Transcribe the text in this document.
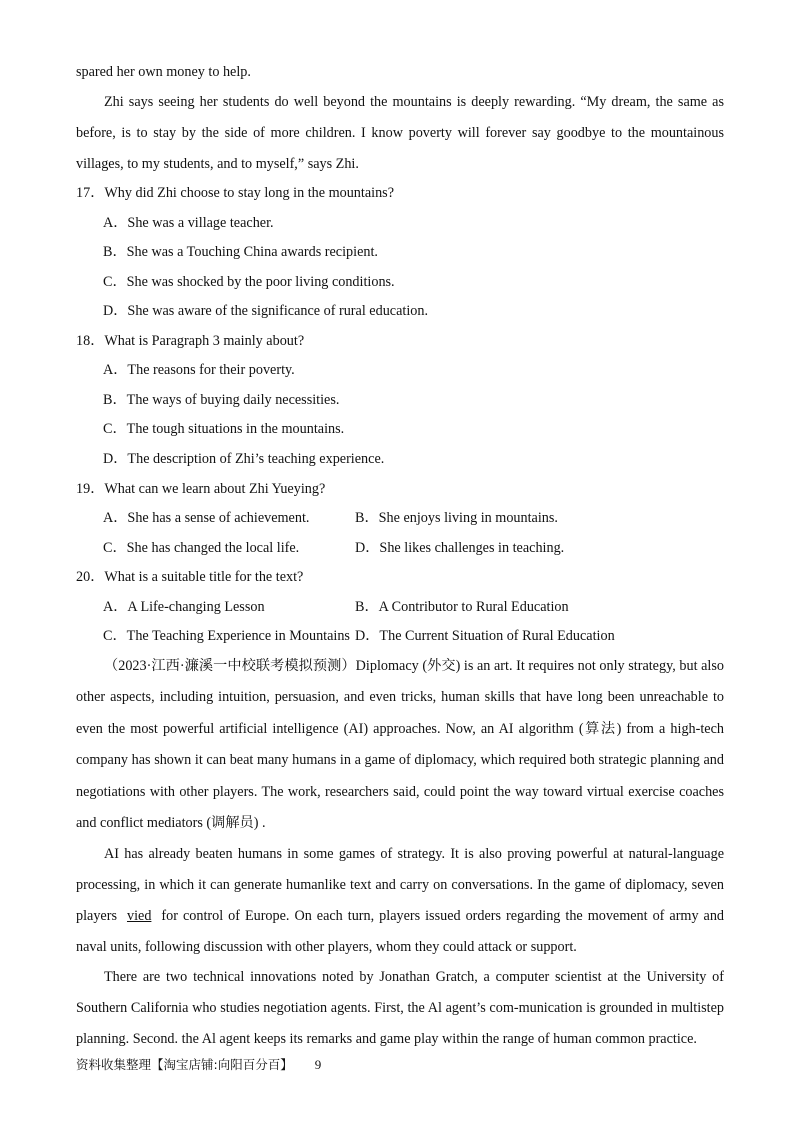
spared her own money to help.
Zhi says seeing her students do well beyond the mountains is deeply rewarding. “My dream, the same as
before, is to stay by the side of more children. I know poverty will forever say goodbye to the mountainous
villages, to my students, and to myself,” says Zhi.
17．Why did Zhi choose to stay long in the mountains?
A．She was a village teacher.
B．She was a Touching China awards recipient.
C．She was shocked by the poor living conditions.
D．She was aware of the significance of rural education.
18．What is Paragraph 3 mainly about?
A．The reasons for their poverty.
B．The ways of buying daily necessities.
C．The tough situations in the mountains.
D．The description of Zhi’s teaching experience.
19．What can we learn about Zhi Yueying?
A．She has a sense of achievement.	B．She enjoys living in mountains.
C．She has changed the local life.	D．She likes challenges in teaching.
20．What is a suitable title for the text?
A．A Life-changing Lesson	B．A Contributor to Rural Education
C．The Teaching Experience in Mountains D．The Current Situation of Rural Education
（2023·江西·濂溪一中校联考模拟预测）Diplomacy (外交) is an art. It requires not only strategy, but also
other aspects, including intuition, persuasion, and even tricks, human skills that have long been unreachable to
even the most powerful artificial intelligence (AI) approaches. Now, an AI algorithm (算法) from a high-tech
company has shown it can beat many humans in a game of diplomacy, which required both strategic planning and
negotiations with other players. The work, researchers said, could point the way toward virtual exercise coaches
and conflict mediators (调解员) .
AI has already beaten humans in some games of strategy. It is also proving powerful at natural-language
processing, in which it can generate humanlike text and carry on conversations. In the game of diplomacy, seven
players vied for control of Europe. On each turn, players issued orders regarding the movement of army and
naval units, following discussion with other players, whom they could attack or support.
There are two technical innovations noted by Jonathan Gratch, a computer scientist at the University of
Southern California who studies negotiation agents. First, the Al agent’s com-munication is grounded in multistep
planning. Second. the Al agent keeps its remarks and game play within the range of human common practice.
资料收集整理【淘宝店铺:向阳百分百】 9
